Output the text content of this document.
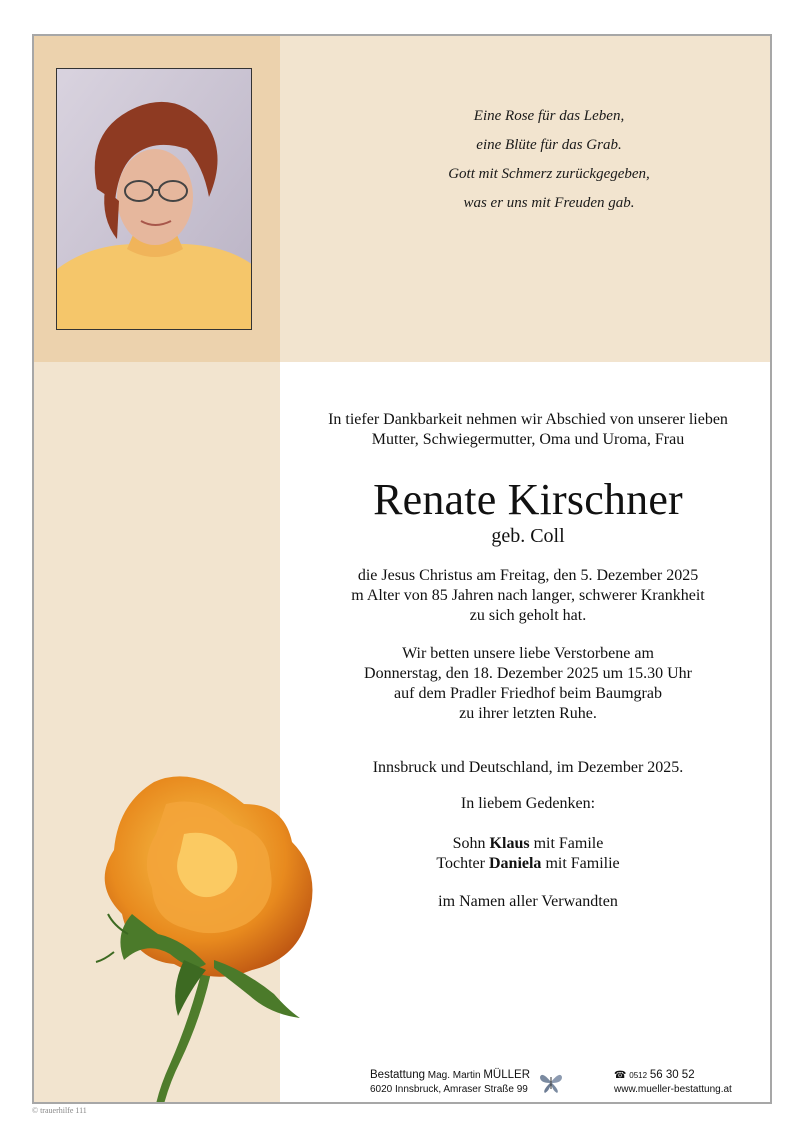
Eine Rose für das Leben,
eine Blüte für das Grab.
Gott mit Schmerz zurückgegeben,
was er uns mit Freuden gab.
In tiefer Dankbarkeit nehmen wir Abschied von unserer lieben
Mutter, Schwiegermutter, Oma und Uroma, Frau
Renate Kirschner
geb. Coll
die Jesus Christus am Freitag, den 5. Dezember 2025
m Alter von 85 Jahren nach langer, schwerer Krankheit
zu sich geholt hat.
Wir betten unsere liebe Verstorbene am
Donnerstag, den 18. Dezember 2025 um 15.30 Uhr
auf dem Pradler Friedhof beim Baumgrab
zu ihrer letzten Ruhe.
Innsbruck und Deutschland, im Dezember 2025.
In liebem Gedenken:
Sohn Klaus mit Famile
Tochter Daniela mit Familie
im Namen aller Verwandten
Bestattung Mag. Martin MÜLLER
6020 Innsbruck, Amraser Straße 99
☎ 0512 56 30 52
www.mueller-bestattung.at
© trauerhilfe 111
